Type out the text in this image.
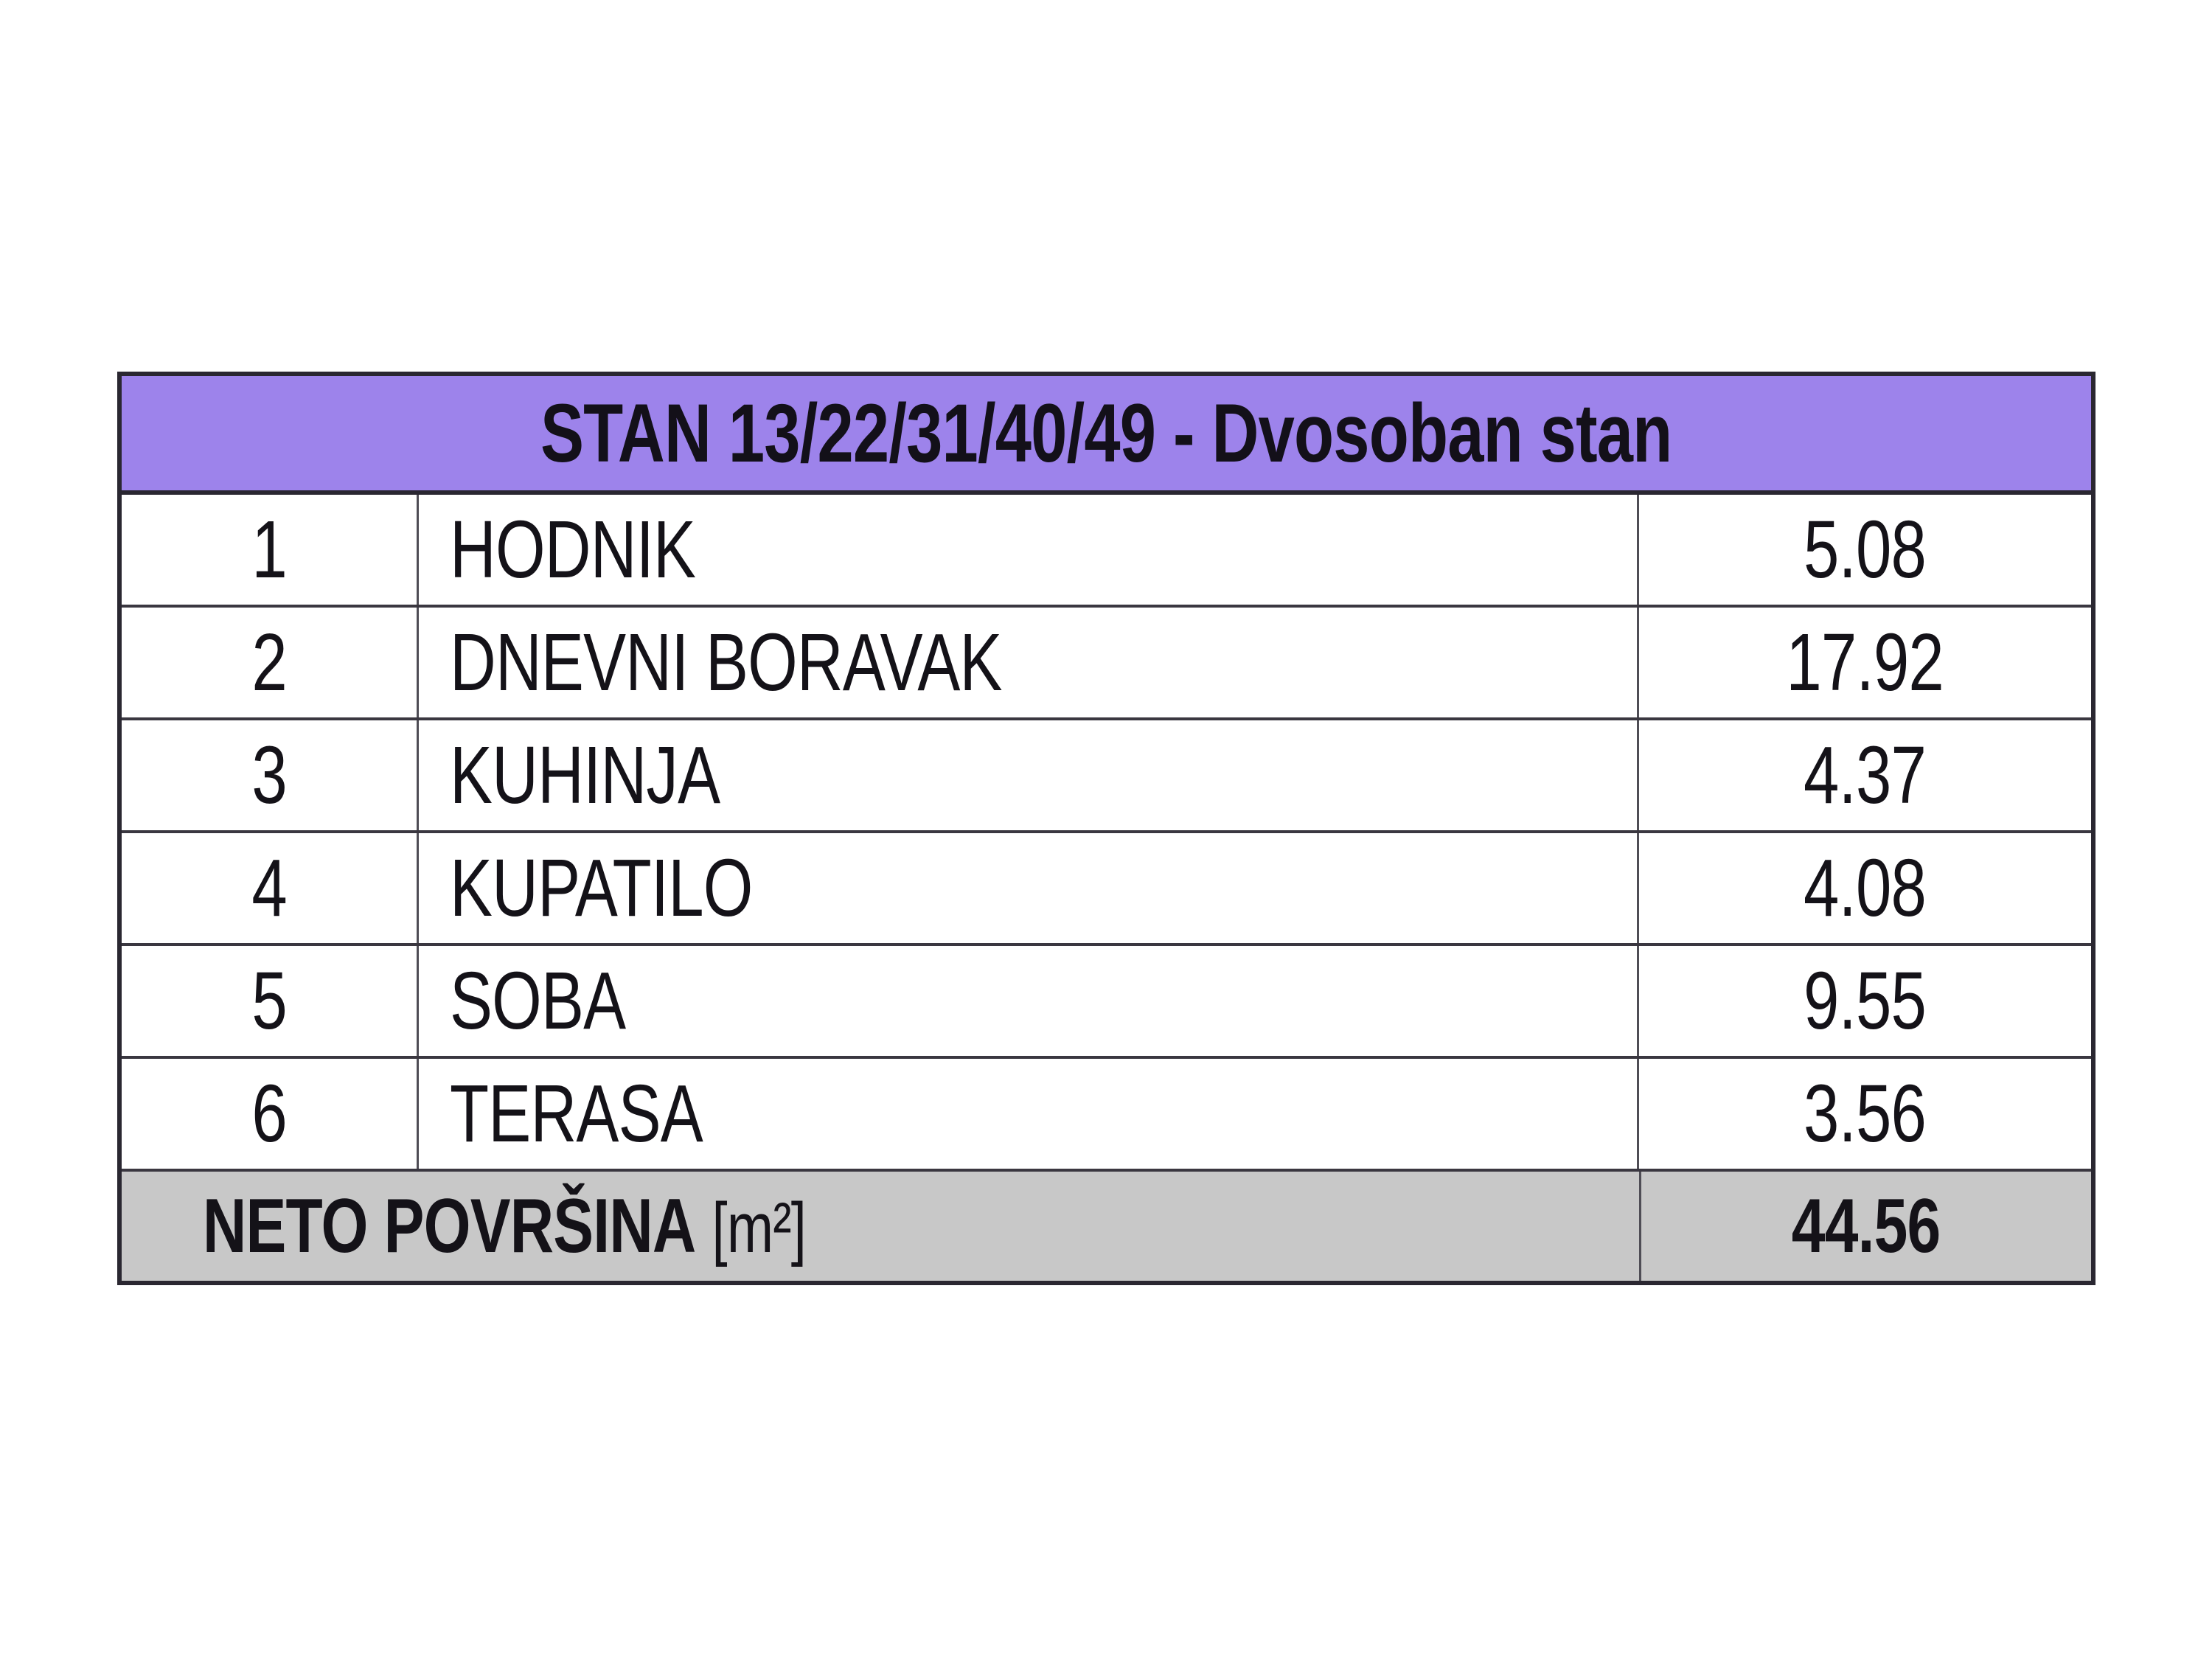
STAN 13/22/31/40/49 - Dvosoban stan
1 HODNIK	5.08
2 DNEVNI BORAVAK	17.92
3 KUHINJA	4.37
4 KUPATILO	4.08
5 SOBA	9.55
6 TERASA	3.56
NETO POVRŠINA [m²]	44.56
